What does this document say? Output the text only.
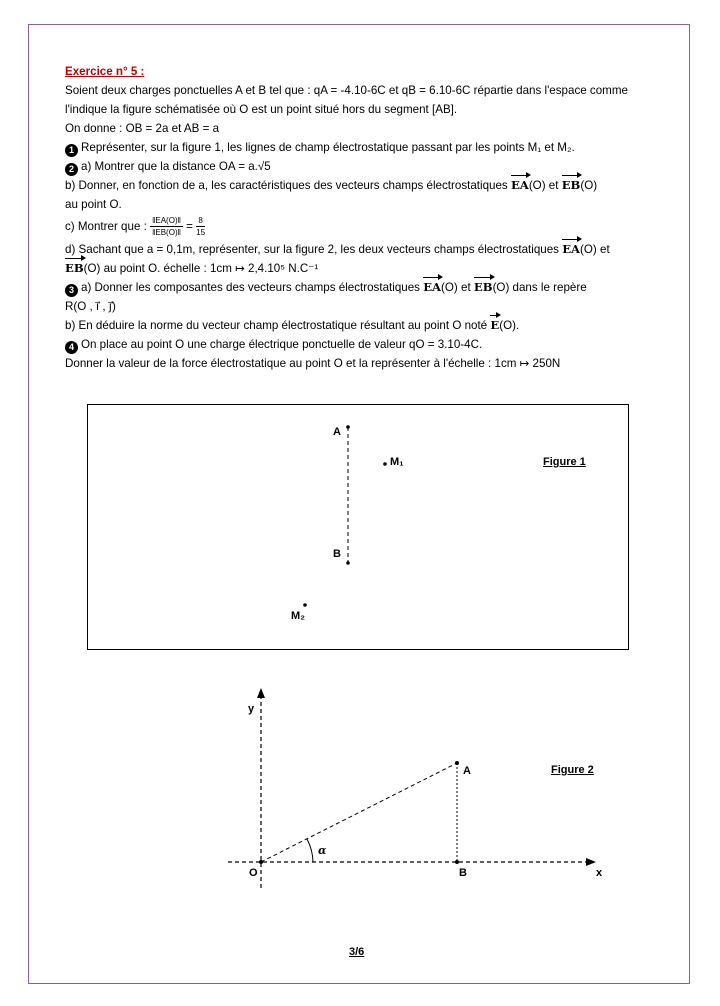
Exercice n° 5 :
Soient deux charges ponctuelles A et B tel que : qA = -4.10-6C et qB = 6.10-6C répartie dans l'espace comme
l'indique la figure schématisée où O est un point situé hors du segment [AB].
On donne : OB = 2a et AB = a
1 Représenter, sur la figure 1, les lignes de champ électrostatique passant par les points M₁ et M₂.
2 a) Montrer que la distance OA = a.√5
b) Donner, en fonction de a, les caractéristiques des vecteurs champs électrostatiques EA(O) et EB(O)
au point O.
c) Montrer que : $\frac{‖EA(O)‖}{‖EB(O)‖} = \frac{8}{15}$
d) Sachant que a = 0,1m, représenter, sur la figure 2, les deux vecteurs champs électrostatiques EA(O) et
EB(O) au point O. échelle : 1cm ↦ 2,4.10⁵ N.C⁻¹
3 a) Donner les composantes des vecteurs champs électrostatiques EA(O) et EB(O) dans le repère
R(O , i⃗ , j⃗)
b) En déduire la norme du vecteur champ électrostatique résultant au point O noté E(O).
4 On place au point O une charge électrique ponctuelle de valeur qO = 3.10-4C.
Donner la valeur de la force électrostatique au point O et la représenter à l'échelle : 1cm ↦ 250N
A
B
M₁
M₂
Figure 1
y
x
O
A
B
α
Figure 2
3/6
